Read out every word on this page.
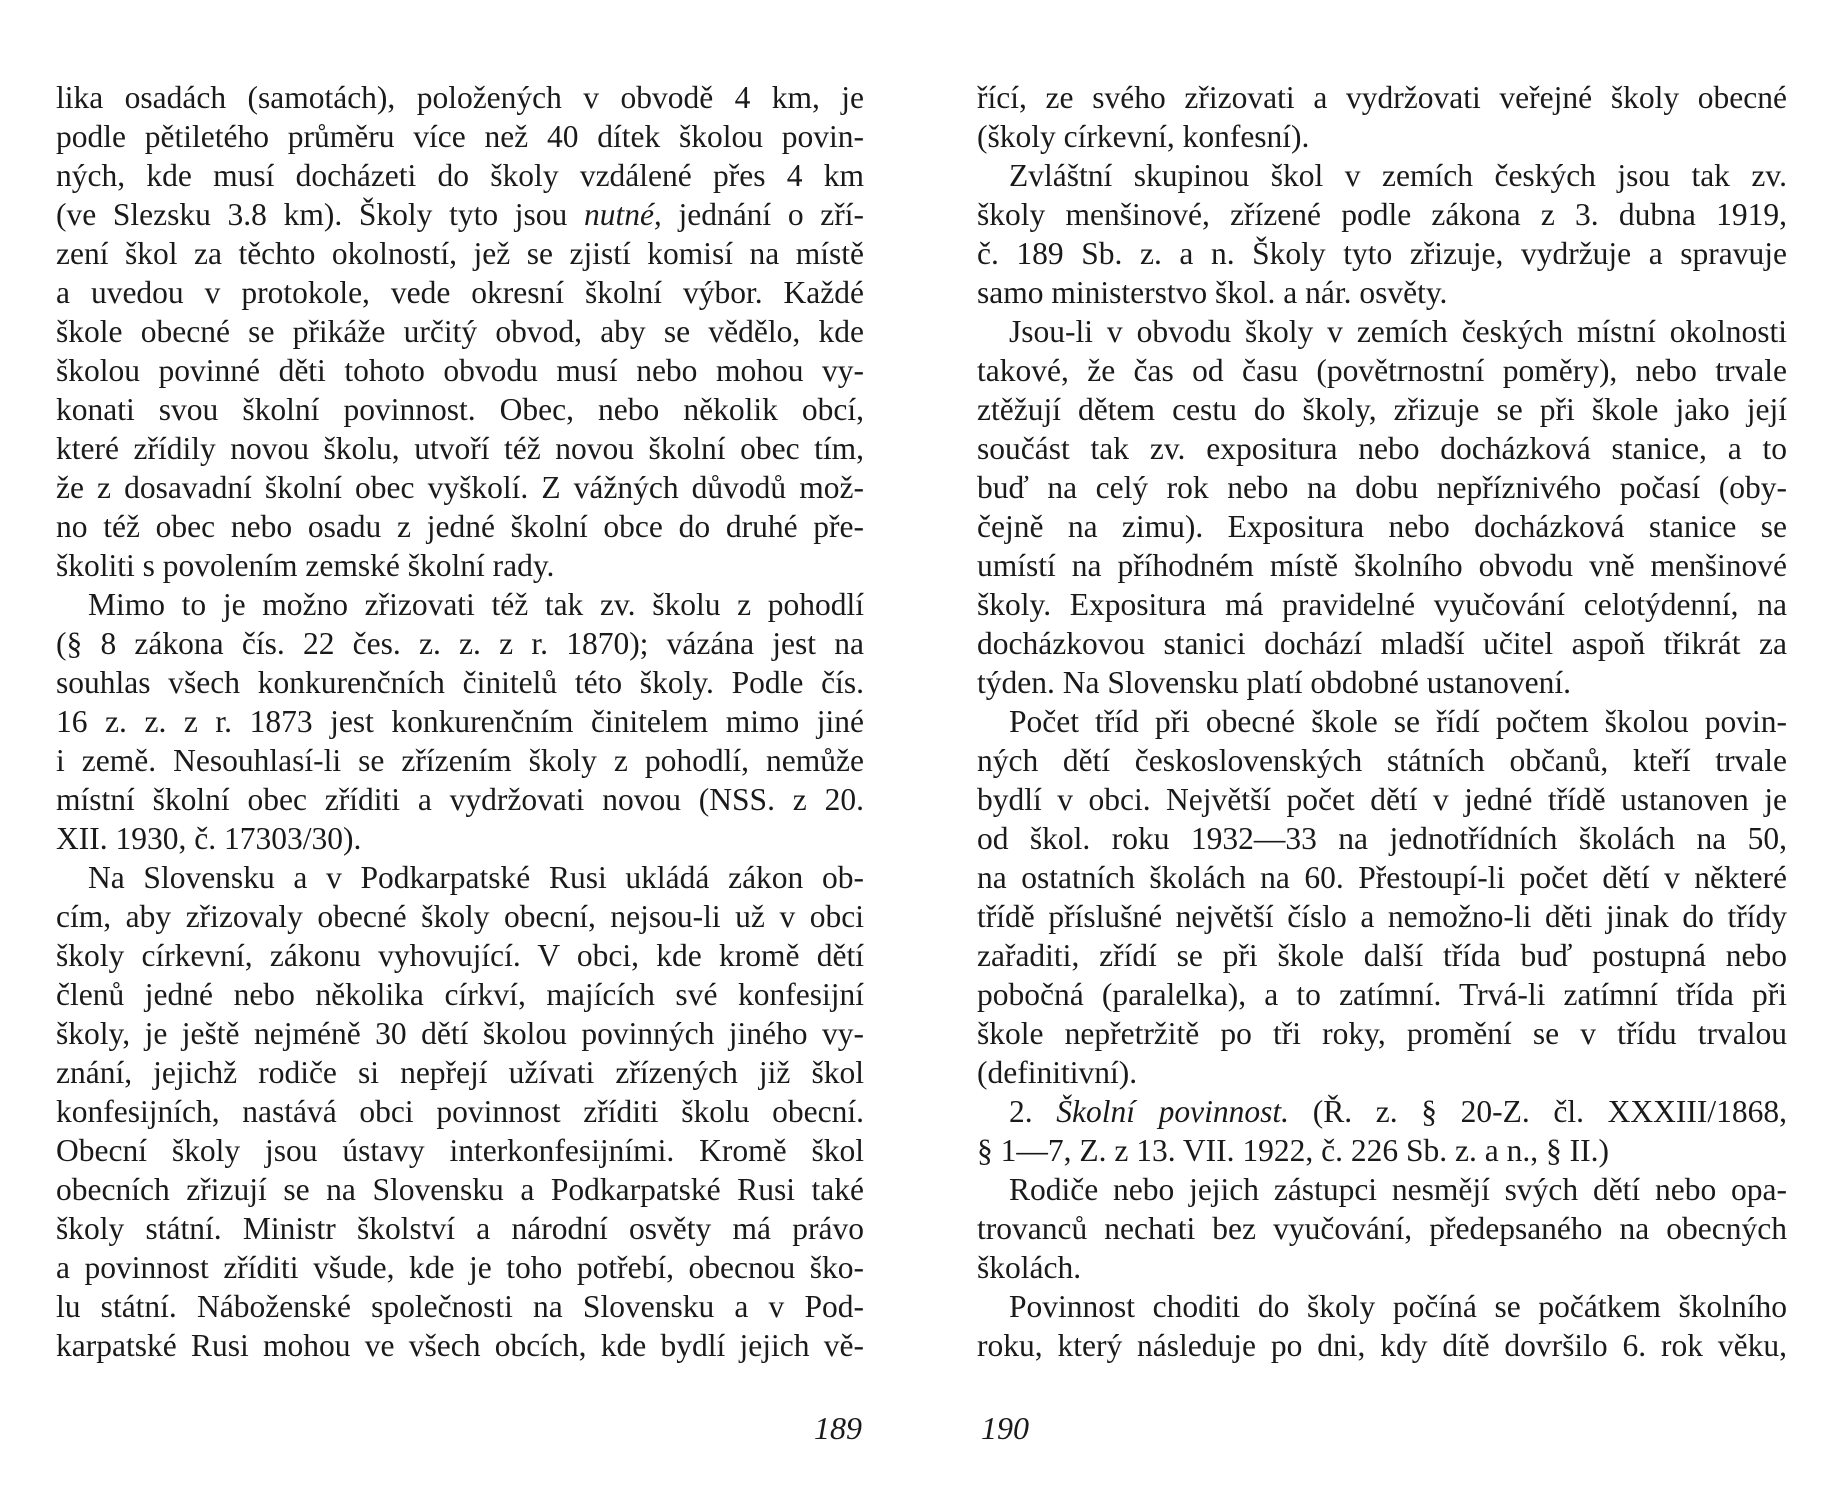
lika osadách (samotách), položených v obvodě 4 km, je
podle pětiletého průměru více než 40 dítek školou povin-
ných, kde musí docházeti do školy vzdálené přes 4 km
(ve Slezsku 3.8 km). Školy tyto jsou nutné, jednání o zří-
zení škol za těchto okolností, jež se zjistí komisí na místě
a uvedou v protokole, vede okresní školní výbor. Každé
škole obecné se přikáže určitý obvod, aby se vědělo, kde
školou povinné děti tohoto obvodu musí nebo mohou vy-
konati svou školní povinnost. Obec, nebo několik obcí,
které zřídily novou školu, utvoří též novou školní obec tím,
že z dosavadní školní obec vyškolí. Z vážných důvodů mož-
no též obec nebo osadu z jedné školní obce do druhé pře-
školiti s povolením zemské školní rady.
Mimo to je možno zřizovati též tak zv. školu z pohodlí
(§ 8 zákona čís. 22 čes. z. z. z r. 1870); vázána jest na
souhlas všech konkurenčních činitelů této školy. Podle čís.
16 z. z. z r. 1873 jest konkurenčním činitelem mimo jiné
i země. Nesouhlasí-li se zřízením školy z pohodlí, nemůže
místní školní obec zříditi a vydržovati novou (NSS. z 20.
XII. 1930, č. 17303/30).
Na Slovensku a v Podkarpatské Rusi ukládá zákon ob-
cím, aby zřizovaly obecné školy obecní, nejsou-li už v obci
školy církevní, zákonu vyhovující. V obci, kde kromě dětí
členů jedné nebo několika církví, majících své konfesijní
školy, je ještě nejméně 30 dětí školou povinných jiného vy-
znání, jejichž rodiče si nepřejí užívati zřízených již škol
konfesijních, nastává obci povinnost zříditi školu obecní.
Obecní školy jsou ústavy interkonfesijními. Kromě škol
obecních zřizují se na Slovensku a Podkarpatské Rusi také
školy státní. Ministr školství a národní osvěty má právo
a povinnost zříditi všude, kde je toho potřebí, obecnou ško-
lu státní. Náboženské společnosti na Slovensku a v Pod-
karpatské Rusi mohou ve všech obcích, kde bydlí jejich vě-
189
řící, ze svého zřizovati a vydržovati veřejné školy obecné
(školy církevní, konfesní).
Zvláštní skupinou škol v zemích českých jsou tak zv.
školy menšinové, zřízené podle zákona z 3. dubna 1919,
č. 189 Sb. z. a n. Školy tyto zřizuje, vydržuje a spravuje
samo ministerstvo škol. a nár. osvěty.
Jsou-li v obvodu školy v zemích českých místní okolnosti
takové, že čas od času (povětrnostní poměry), nebo trvale
ztěžují dětem cestu do školy, zřizuje se při škole jako její
součást tak zv. expositura nebo docházková stanice, a to
buď na celý rok nebo na dobu nepříznivého počasí (oby-
čejně na zimu). Expositura nebo docházková stanice se
umístí na příhodném místě školního obvodu vně menšinové
školy. Expositura má pravidelné vyučování celotýdenní, na
docházkovou stanici dochází mladší učitel aspoň třikrát za
týden. Na Slovensku platí obdobné ustanovení.
Počet tříd při obecné škole se řídí počtem školou povin-
ných dětí československých státních občanů, kteří trvale
bydlí v obci. Největší počet dětí v jedné třídě ustanoven je
od škol. roku 1932—33 na jednotřídních školách na 50,
na ostatních školách na 60. Přestoupí-li počet dětí v některé
třídě příslušné největší číslo a nemožno-li děti jinak do třídy
zařaditi, zřídí se při škole další třída buď postupná nebo
pobočná (paralelka), a to zatímní. Trvá-li zatímní třída při
škole nepřetržitě po tři roky, promění se v třídu trvalou
(definitivní).
2. Školní povinnost. (Ř. z. § 20-Z. čl. XXXIII/1868,
§ 1—7, Z. z 13. VII. 1922, č. 226 Sb. z. a n., § II.)
Rodiče nebo jejich zástupci nesmějí svých dětí nebo opa-
trovanců nechati bez vyučování, předepsaného na obecných
školách.
Povinnost choditi do školy počíná se počátkem školního
roku, který následuje po dni, kdy dítě dovršilo 6. rok věku,
190
